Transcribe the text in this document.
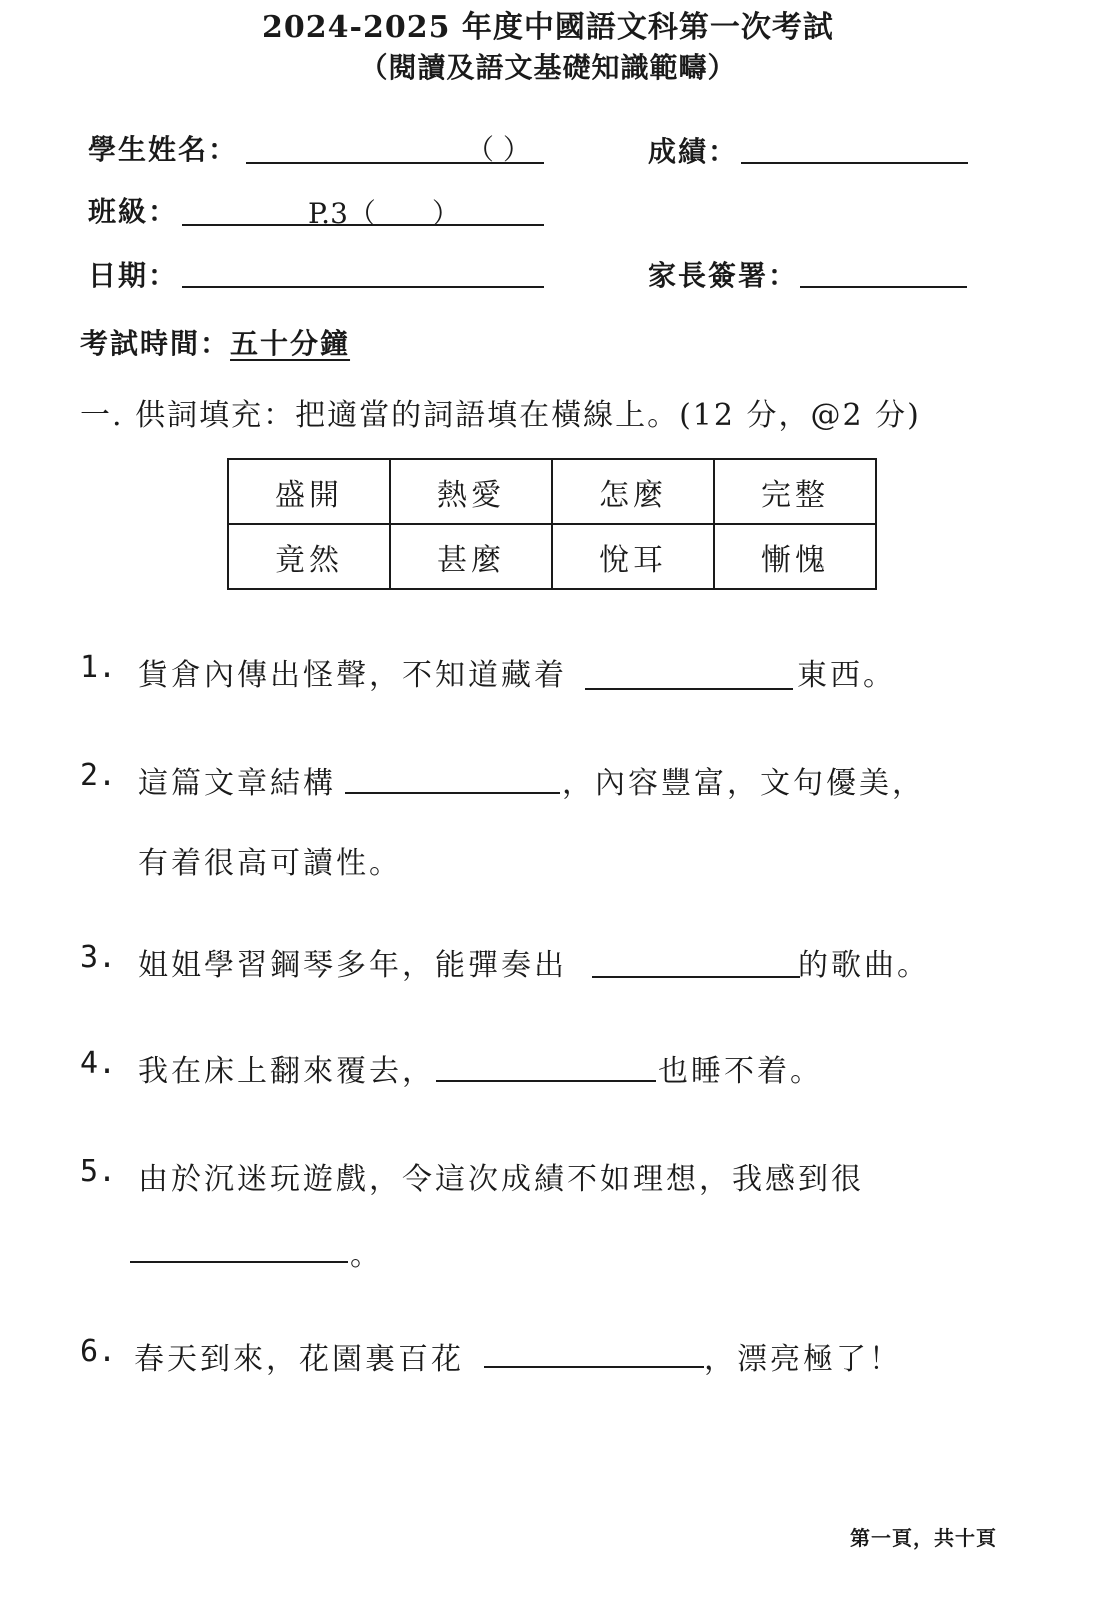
2024-2025 年度中國語文科第一次考試
（閱讀及語文基礎知識範疇）
學生姓名：	（ ）	成績：
班級：	P.3（　　）
日期：	家長簽署：
考試時間：五十分鐘
一. 供詞填充：把適當的詞語填在橫線上。(12 分，@2 分)
盛開	熱愛	怎麼	完整
竟然	甚麼	悅耳	慚愧
1. 貨倉內傳出怪聲，不知道藏着	東西。
2. 這篇文章結構	，內容豐富，文句優美，
有着很高可讀性。
3. 姐姐學習鋼琴多年，能彈奏出	的歌曲。
4. 我在床上翻來覆去，	也睡不着。
5. 由於沉迷玩遊戲，令這次成績不如理想，我感到很
。
6. 春天到來，花園裏百花	，漂亮極了！
第一頁，共十頁
